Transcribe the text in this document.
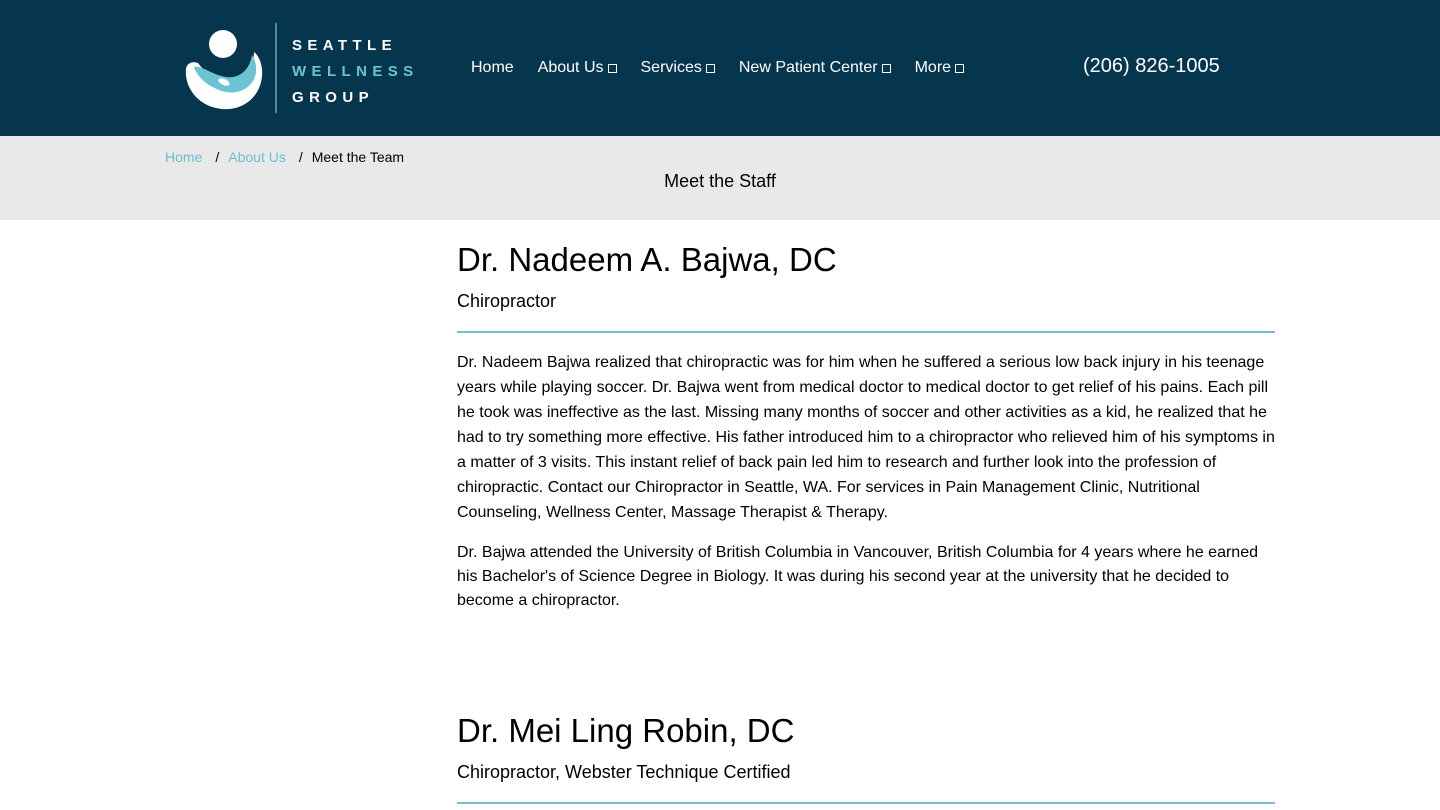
SEATTLE
WELLNESS
GROUP
Home About Us Services New Patient Center More	(206) 826-1005
Home / About Us / Meet the Team
Meet the Staff
Dr. Nadeem A. Bajwa, DC
Chiropractor

Dr. Nadeem Bajwa realized that chiropractic was for him when he suffered a serious low back injury in his teenage years while playing soccer. Dr. Bajwa went from medical doctor to medical doctor to get relief of his pains. Each pill he took was ineffective as the last. Missing many months of soccer and other activities as a kid, he realized that he had to try something more effective. His father introduced him to a chiropractor who relieved him of his symptoms in a matter of 3 visits. This instant relief of back pain led him to research and further look into the profession of chiropractic. Contact our Chiropractor in Seattle, WA. For services in Pain Management Clinic, Nutritional Counseling, Wellness Center, Massage Therapist & Therapy.

Dr. Bajwa attended the University of British Columbia in Vancouver, British Columbia for 4 years where he earned his Bachelor's of Science Degree in Biology. It was during his second year at the university that he decided to become a chiropractor.

Dr. Mei Ling Robin, DC
Chiropractor, Webster Technique Certified
